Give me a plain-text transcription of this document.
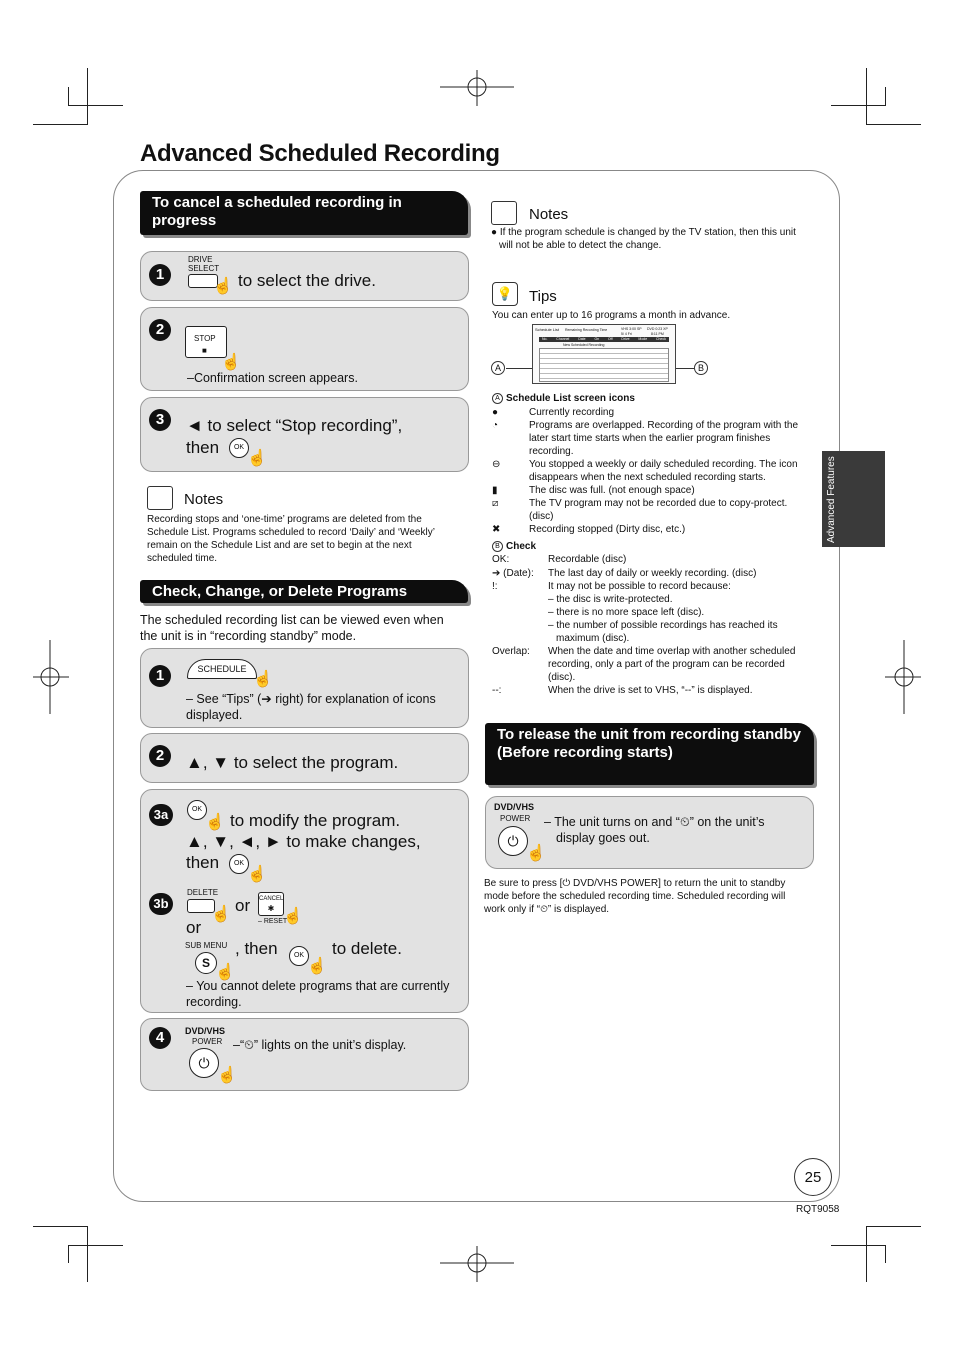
Advanced Scheduled Recording
To cancel a scheduled recording in progress
1
DRIVE SELECT
☝ to select the drive.
2
STOP
■
☝
–Confirmation screen appears.
3	◄ to select “Stop recording”,
then	OK
☝
Notes
Recording stops and ‘one-time’ programs are deleted from the Schedule List. Programs scheduled to record ‘Daily’ and ‘Weekly’ remain on the Schedule List and are set to begin at the next scheduled time.
Check, Change, or Delete Programs
The scheduled recording list can be viewed even when the unit is in “recording standby” mode.
1	SCHEDULE
☝
– See “Tips” (➔ right) for explanation of icons displayed.
2	▲, ▼ to select the program.
3a	OK
☝ to modify the program.
▲, ▼, ◄, ► to make changes,
then	OK
☝
3b
DELETE
☝ or CANCEL
✱
– RESET
☝
or
SUB MENU
S
☝
, then	OK
☝
to delete.
– You cannot delete programs that are currently recording.
4	DVD/VHS
POWER
⏻
☝
–“⏲” lights on the unit’s display.
Notes
● If the program schedule is changed by the TV station, then this unit will not be able to detect the change.
💡	Tips
You can enter up to 16 programs a month in advance.
A
Schedule List Remaining Recording Time	VHS 3:00 SP DVD 0:23 XP
5/ 4 Fri	8:11 PM
No.	Channel	Date	On	Off	Drive	Mode	Check
New Scheduled Recording
B
A Schedule List screen icons
●	Currently recording
◔	Programs are overlapped. Recording of the program with the later start time starts when the earlier program finishes recording.
⊖	You stopped a weekly or daily scheduled recording. The icon disappears when the next scheduled recording starts.
▮	The disc was full. (not enough space)
⧄	The TV program may not be recorded due to copy-protect. (disc)
✖	Recording stopped (Dirty disc, etc.)
B Check
OK:	Recordable (disc)
➔ (Date): The last day of daily or weekly recording. (disc)
!:	It may not be possible to record because:
– the disc is write-protected.
– there is no more space left (disc).
– the number of possible recordings has reached its maximum (disc).
Overlap: When the date and time overlap with another scheduled recording, only a part of the program can be recorded (disc).
--:	When the drive is set to VHS, “--” is displayed.
To release the unit from recording standby (Before recording starts)
DVD/VHS
POWER
⏻
☝
– The unit turns on and “⏲” on the unit’s display goes out.
Be sure to press [⏻ DVD/VHS POWER] to return the unit to standby mode before the scheduled recording time. Scheduled recording will work only if “⏲” is displayed.
Advanced Features
25
RQT9058
